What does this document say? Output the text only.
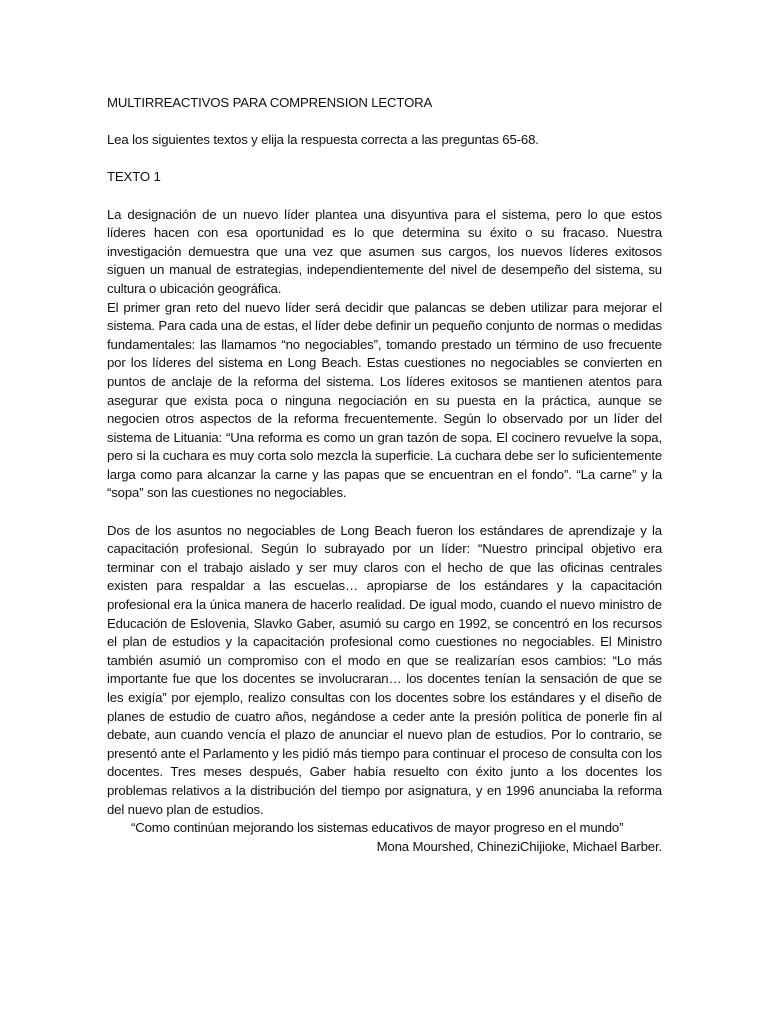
MULTIRREACTIVOS PARA COMPRENSION LECTORA

Lea los siguientes textos y elija la respuesta correcta a las preguntas 65-68.

TEXTO 1

La designación de un nuevo líder plantea una disyuntiva para el sistema, pero lo que estos líderes hacen con esa oportunidad es lo que determina su éxito o su fracaso. Nuestra investigación demuestra que una vez que asumen sus cargos, los nuevos líderes exitosos siguen un manual de estrategias, independientemente del nivel de desempeño del sistema, su cultura o ubicación geográfica.

El primer gran reto del nuevo líder será decidir que palancas se deben utilizar para mejorar el sistema. Para cada una de estas, el líder debe definir un pequeño conjunto de normas o medidas fundamentales: las llamamos “no negociables”, tomando prestado un término de uso frecuente por los líderes del sistema en Long Beach. Estas cuestiones no negociables se convierten en puntos de anclaje de la reforma del sistema. Los líderes exitosos se mantienen atentos para asegurar que exista poca o ninguna negociación en su puesta en la práctica, aunque se negocien otros aspectos de la reforma frecuentemente. Según lo observado por un líder del sistema de Lituania: “Una reforma es como un gran tazón de sopa. El cocinero revuelve la sopa, pero si la cuchara es muy corta solo mezcla la superficie. La cuchara debe ser lo suficientemente larga como para alcanzar la carne y las papas que se encuentran en el fondo”. “La carne” y la “sopa” son las cuestiones no negociables.

Dos de los asuntos no negociables de Long Beach fueron los estándares de aprendizaje y la capacitación profesional. Según lo subrayado por un líder: “Nuestro principal objetivo era terminar con el trabajo aislado y ser muy claros con el hecho de que las oficinas centrales existen para respaldar a las escuelas… apropiarse de los estándares y la capacitación profesional era la única manera de hacerlo realidad. De igual modo, cuando el nuevo ministro de Educación de Eslovenia, Slavko Gaber, asumió su cargo en 1992, se concentró en los recursos el plan de estudios y la capacitación profesional como cuestiones no negociables. El Ministro también asumió un compromiso con el modo en que se realizarían esos cambios: “Lo más importante fue que los docentes se involucraran… los docentes tenían la sensación de que se les exigía” por ejemplo, realizo consultas con los docentes sobre los estándares y el diseño de planes de estudio de cuatro años, negándose a ceder ante la presión política de ponerle fin al debate, aun cuando vencía el plazo de anunciar el nuevo plan de estudios. Por lo contrario, se presentó ante el Parlamento y les pidió más tiempo para continuar el proceso de consulta con los docentes. Tres meses después, Gaber había resuelto con éxito junto a los docentes los problemas relativos a la distribución del tiempo por asignatura, y en 1996 anunciaba la reforma del nuevo plan de estudios.

“Como continúan mejorando los sistemas educativos de mayor progreso en el mundo”

Mona Mourshed, ChineziChijioke, Michael Barber.
